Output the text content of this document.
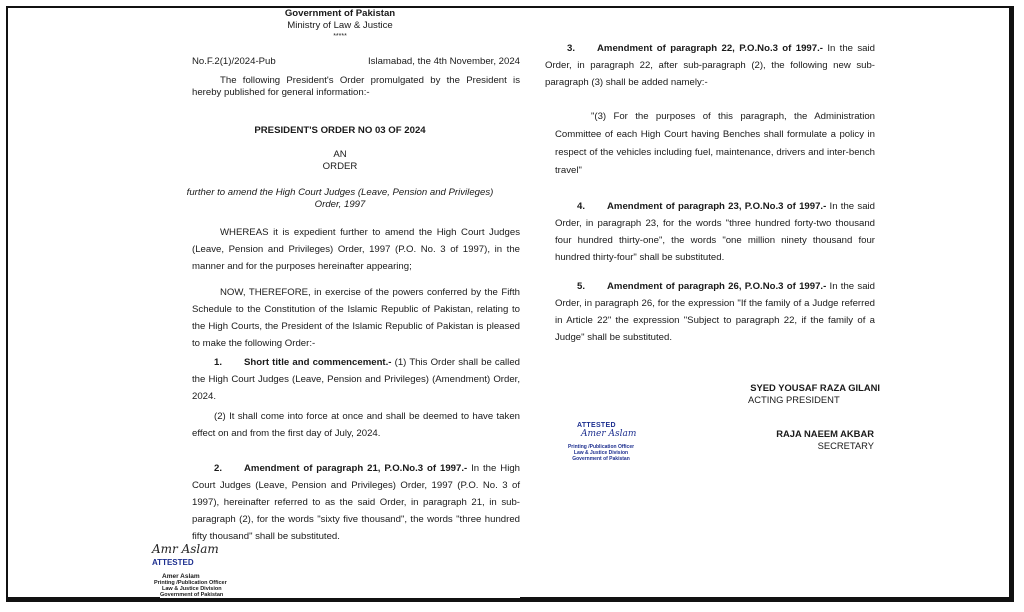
Government of Pakistan
Ministry of Law & Justice
*****
No.F.2(1)/2024-Pub	Islamabad, the 4th November, 2024
The following President's Order promulgated by the President is hereby published for general information:-
PRESIDENT'S ORDER NO 03 OF 2024
AN
ORDER
further to amend the High Court Judges (Leave, Pension and Privileges)
Order, 1997
WHEREAS it is expedient further to amend the High Court Judges (Leave, Pension and Privileges) Order, 1997 (P.O. No. 3 of 1997), in the manner and for the purposes hereinafter appearing;
NOW, THEREFORE, in exercise of the powers conferred by the Fifth Schedule to the Constitution of the Islamic Republic of Pakistan, relating to the High Courts, the President of the Islamic Republic of Pakistan is pleased to make the following Order:-
1. Short title and commencement.- (1) This Order shall be called the High Court Judges (Leave, Pension and Privileges) (Amendment) Order, 2024.
(2) It shall come into force at once and shall be deemed to have taken effect on and from the first day of July, 2024.
2. Amendment of paragraph 21, P.O.No.3 of 1997.- In the High Court Judges (Leave, Pension and Privileges) Order, 1997 (P.O. No. 3 of 1997), hereinafter referred to as the said Order, in paragraph 21, in sub-paragraph (2), for the words "sixty five thousand", the words "three hundred fifty thousand" shall be substituted.
Amr Aslam
ATTESTED
Amer Aslam
Printing /Publication Officer
Law & Justice Division
Government of Pakistan
3. Amendment of paragraph 22, P.O.No.3 of 1997.- In the said Order, in paragraph 22, after sub-paragraph (2), the following new sub-paragraph (3) shall be added namely:-
"(3) For the purposes of this paragraph, the Administration Committee of each High Court having Benches shall formulate a policy in respect of the vehicles including fuel, maintenance, drivers and inter-bench travel"
4. Amendment of paragraph 23, P.O.No.3 of 1997.- In the said Order, in paragraph 23, for the words "three hundred forty-two thousand four hundred thirty-one", the words "one million ninety thousand four hundred thirty-four" shall be substituted.
5. Amendment of paragraph 26, P.O.No.3 of 1997.- In the said Order, in paragraph 26, for the expression "If the family of a Judge referred in Article 22" the expression "Subject to paragraph 22, if the family of a Judge" shall be substituted.
SYED YOUSAF RAZA GILANI
ACTING PRESIDENT
RAJA NAEEM AKBAR
SECRETARY
ATTESTED
Amer Aslam
Printing /Publication Officer
Law & Justice Division
Government of Pakistan
